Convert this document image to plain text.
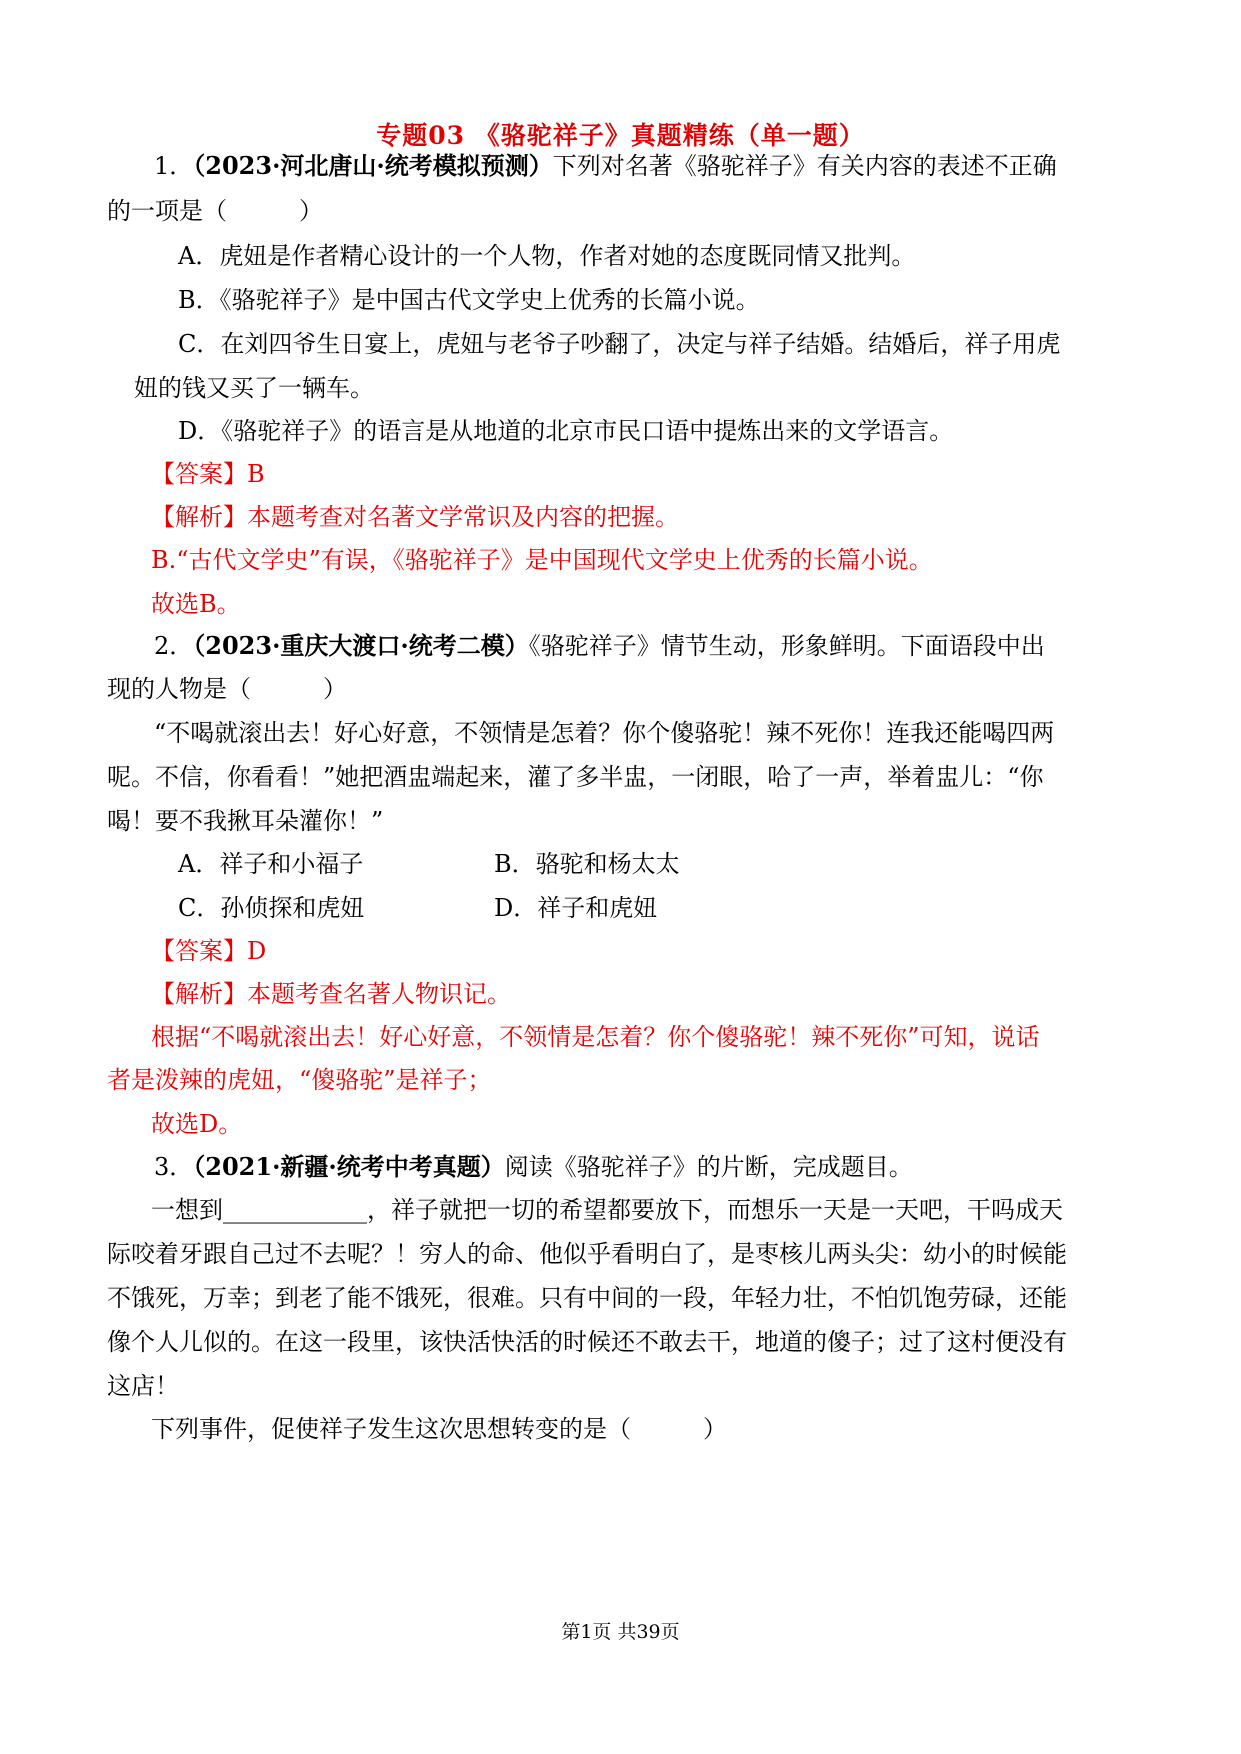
专题03 《骆驼祥子》真题精练（单一题）
1．（2023·河北唐山·统考模拟预测）下列对名著《骆驼祥子》有关内容的表述不正确
的一项是（　　　）
A．虎妞是作者精心设计的一个人物，作者对她的态度既同情又批判。
B．《骆驼祥子》是中国古代文学史上优秀的长篇小说。
C．在刘四爷生日宴上，虎妞与老爷子吵翻了，决定与祥子结婚。结婚后，祥子用虎
妞的钱又买了一辆车。
D．《骆驼祥子》的语言是从地道的北京市民口语中提炼出来的文学语言。
【答案】B
【解析】本题考查对名著文学常识及内容的把握。
B.“古代文学史”有误，《骆驼祥子》是中国现代文学史上优秀的长篇小说。
故选B。
2．（2023·重庆大渡口·统考二模）《骆驼祥子》情节生动，形象鲜明。下面语段中出
现的人物是（　　　）
“不喝就滚出去！好心好意，不领情是怎着？你个傻骆驼！辣不死你！连我还能喝四两
呢。不信，你看看！”她把酒盅端起来，灌了多半盅，一闭眼，哈了一声，举着盅儿：“你
喝！要不我揪耳朵灌你！”
A．祥子和小福子	B．骆驼和杨太太
C．孙侦探和虎妞	D．祥子和虎妞
【答案】D
【解析】本题考查名著人物识记。
根据“不喝就滚出去！好心好意，不领情是怎着？你个傻骆驼！辣不死你”可知，说话
者是泼辣的虎妞，“傻骆驼”是祥子；
故选D。
3．（2021·新疆·统考中考真题）阅读《骆驼祥子》的片断，完成题目。
一想到____________，祥子就把一切的希望都要放下，而想乐一天是一天吧，干吗成天
际咬着牙跟自己过不去呢？！穷人的命、他似乎看明白了，是枣核儿两头尖：幼小的时候能
不饿死，万幸；到老了能不饿死，很难。只有中间的一段，年轻力壮，不怕饥饱劳碌，还能
像个人儿似的。在这一段里，该快活快活的时候还不敢去干，地道的傻子；过了这村便没有
这店！
下列事件，促使祥子发生这次思想转变的是（　　　）
第1页 共39页
